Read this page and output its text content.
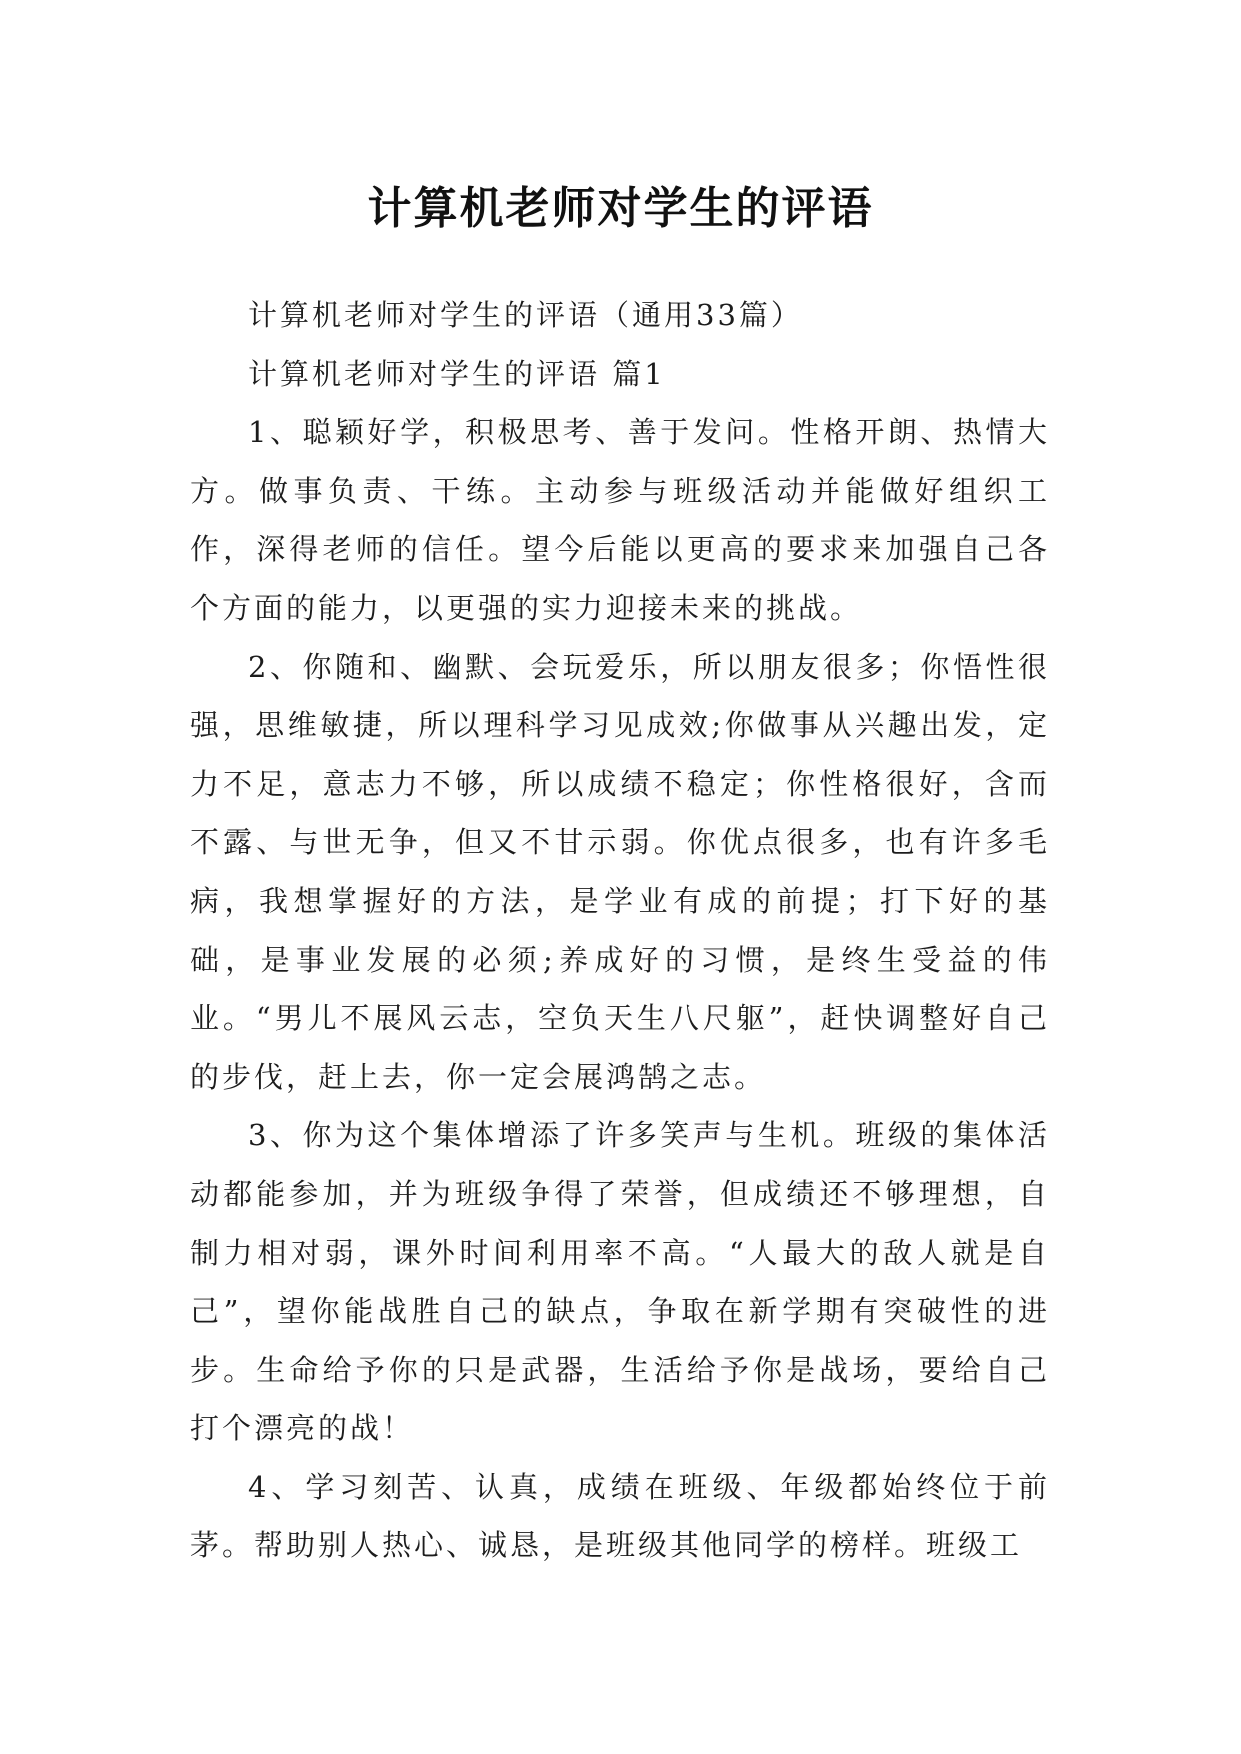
计算机老师对学生的评语

计算机老师对学生的评语（通用33篇）

计算机老师对学生的评语 篇1

1、聪颖好学，积极思考、善于发问。性格开朗、热情大方。做事负责、干练。主动参与班级活动并能做好组织工作，深得老师的信任。望今后能以更高的要求来加强自己各个方面的能力，以更强的实力迎接未来的挑战。

2、你随和、幽默、会玩爱乐，所以朋友很多；你悟性很强，思维敏捷，所以理科学习见成效;你做事从兴趣出发，定力不足，意志力不够，所以成绩不稳定；你性格很好，含而不露、与世无争，但又不甘示弱。你优点很多，也有许多毛病，我想掌握好的方法，是学业有成的前提；打下好的基础，是事业发展的必须;养成好的习惯，是终生受益的伟业。“男儿不展风云志，空负天生八尺躯”，赶快调整好自己的步伐，赶上去，你一定会展鸿鹄之志。

3、你为这个集体增添了许多笑声与生机。班级的集体活动都能参加，并为班级争得了荣誉，但成绩还不够理想，自制力相对弱，课外时间利用率不高。“人最大的敌人就是自己”，望你能战胜自己的缺点，争取在新学期有突破性的进步。生命给予你的只是武器，生活给予你是战场，要给自己打个漂亮的战！

4、学习刻苦、认真，成绩在班级、年级都始终位于前茅。帮助别人热心、诚恳，是班级其他同学的榜样。班级工
